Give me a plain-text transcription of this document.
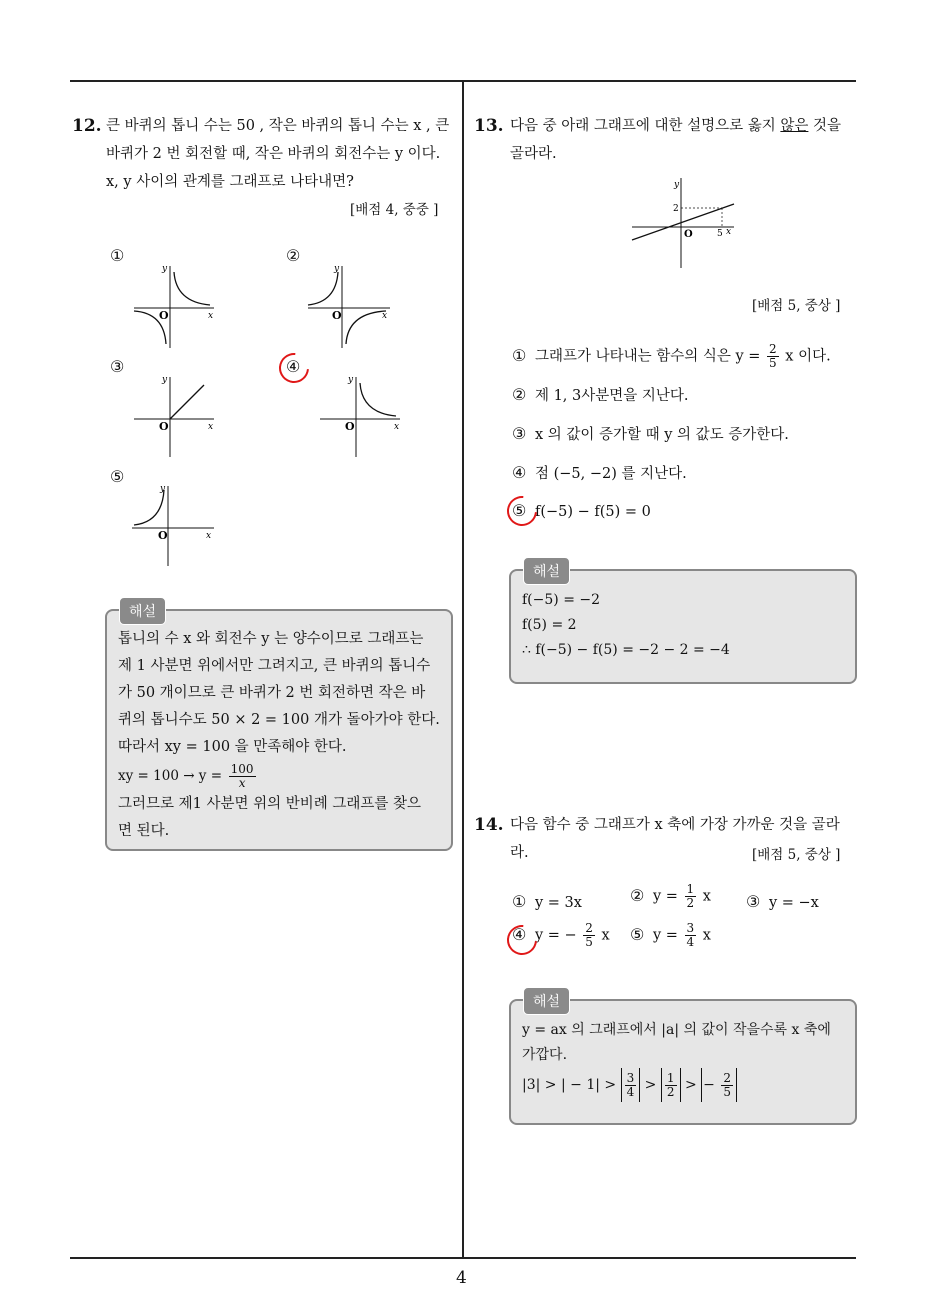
4
12. 큰 바퀴의 톱니 수는 50 , 작은 바퀴의 톱니 수는 x , 큰
바퀴가 2 번 회전할 때, 작은 바퀴의 회전수는 y 이다.
x, y 사이의 관계를 그래프로 나타내면?
[배점 4, 중중 ]
①	②
③	④
⑤
y
x
O
y
x
O
y
x
O
y
x
O
y
x
O
해설
톱니의 수 x 와 회전수 y 는 양수이므로 그래프는
제 1 사분면 위에서만 그려지고, 큰 바퀴의 톱니수
가 50 개이므로 큰 바퀴가 2 번 회전하면 작은 바
퀴의 톱니수도 50 × 2 = 100 개가 돌아가야 한다.
따라서 xy = 100 을 만족해야 한다.
xy = $100 \to y = \frac{100}{x}$
그러므로 제1 사분면 위의 반비례 그래프를 찾으
면 된다.
13. 다음 중 아래 그래프에 대한 설명으로 옳지 않은 것을
골라라.
y
2
O	5 x
[배점 5, 중상 ]
① 그래프가 나타내는 함수의 식은 $y = \frac{2}{5}$ x 이다.
② 제 1, 3사분면을 지난다.
③ x 의 값이 증가할 때 y 의 값도 증가한다.
④ 점 (−5, −2) 를 지난다.
⑤ f(−5) − f(5) = 0
해설
f(−5) = −2
f(5) = 2
∴ f(−5) − f(5) = −2 − 2 = −4
14. 다음 함수 중 그래프가 x 축에 가장 가까운 것을 골라
라.	[배점 5, 중상 ]
① y = 3x	② $y = \frac{1}{2}$ x ③ y = −x
④ y = − $\frac{2}{5}$ x ⑤ $y = \frac{3}{4}$ x
해설
y = ax 의 그래프에서 |a| 의 값이 작을수록 x 축에
가깝다.
|3| > | − $1| > \frac{3}{4} > \frac{1}{2}$ > − $\frac{2}{5}$
